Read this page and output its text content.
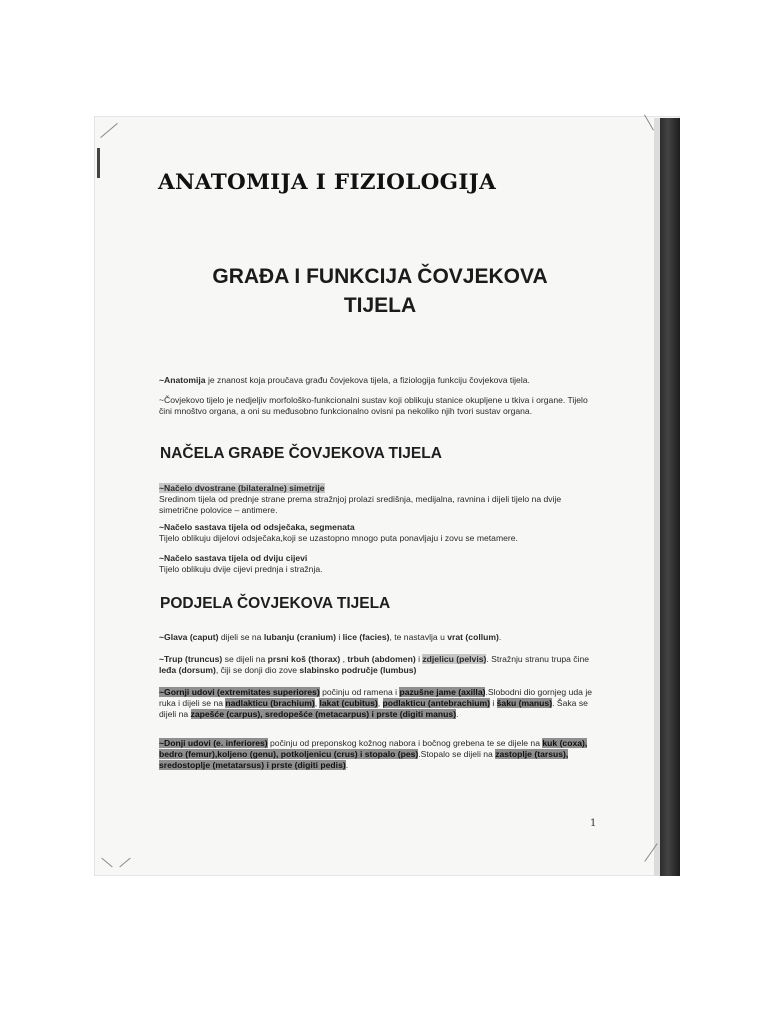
ANATOMIJA I FIZIOLOGIJA
GRAĐA I FUNKCIJA ČOVJEKOVA
TIJELA
~Anatomija je znanost koja proučava građu čovjekova tijela, a fiziologija funkciju čovjekova tijela.
~Čovjekovo tijelo je nedjeljiv morfološko-funkcionalni sustav koji oblikuju stanice okupljene u tkiva i organe. Tijelo čini mnoštvo organa, a oni su međusobno funkcionalno ovisni pa nekoliko njih tvori sustav organa.
NAČELA GRAĐE ČOVJEKOVA TIJELA
~Načelo dvostrane (bilateralne) simetrije
Sredinom tijela od prednje strane prema stražnjoj prolazi središnja, medijalna, ravnina i dijeli tijelo na dvije simetrične polovice – antimere.
~Načelo sastava tijela od odsječaka, segmenata
Tijelo oblikuju dijelovi odsječaka,koji se uzastopno mnogo puta ponavljaju i zovu se metamere.
~Načelo sastava tijela od dviju cijevi
Tijelo oblikuju dvije cijevi prednja i stražnja.
PODJELA ČOVJEKOVA TIJELA
~Glava (caput) dijeli se na lubanju (cranium) i lice (facies), te nastavlja u vrat (collum).
~Trup (truncus) se dijeli na prsni koš (thorax) , trbuh (abdomen) i zdjelicu (pelvis). Stražnju stranu trupa čine leđa (dorsum), čiji se donji dio zove slabinsko područje (lumbus)
~Gornji udovi (extremitates superiores) počinju od ramena i pazušne jame (axilla).Slobodni dio gornjeg uda je ruka i dijeli se na nadlakticu (brachium), lakat (cubitus), podlakticu (antebrachium) i šaku (manus). Šaka se dijeli na zapešće (carpus), sredopešće (metacarpus) i prste (digiti manus).
~Donji udovi (e. inferiores) počinju od preponskog kožnog nabora i bočnog grebena te se dijele na kuk (coxa), bedro (femur),koljeno (genu), potkoljenicu (crus) i stopalo (pes).Stopalo se dijeli na zastoplje (tarsus), sredostoplje (metatarsus) i prste (digiti pedis).
1
